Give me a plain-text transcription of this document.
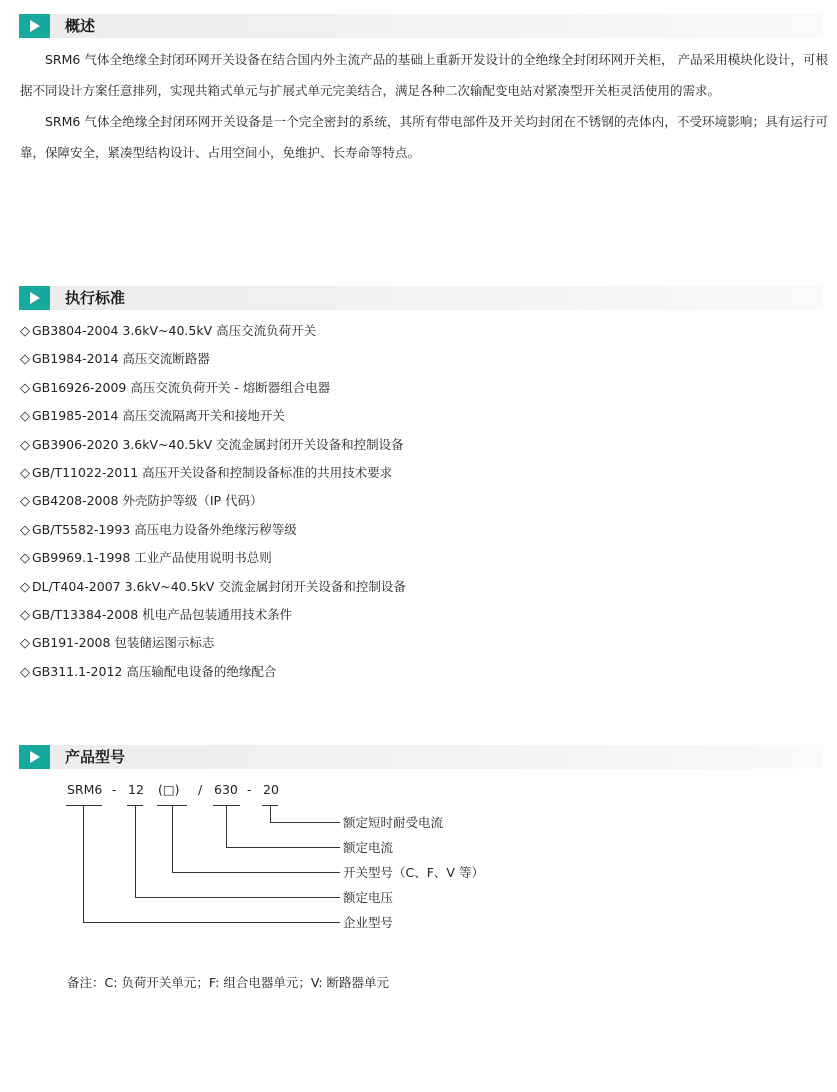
概述

SRM6 气体全绝缘全封闭环网开关设备在结合国内外主流产品的基础上重新开发设计的全绝缘全封闭环网开关柜， 产品采用模块化设计，可根据不同设计方案任意排列，实现共箱式单元与扩展式单元完美结合，满足各种二次输配变电站对紧凑型开关柜灵活使用的需求。

SRM6 气体全绝缘全封闭环网开关设备是一个完全密封的系统，其所有带电部件及开关均封闭在不锈钢的壳体内，不受环境影响；具有运行可靠，保障安全，紧凑型结构设计、占用空间小，免维护、长寿命等特点。

执行标准
◇ GB3804-2004 3.6kV~40.5kV 高压交流负荷开关
◇ GB1984-2014 高压交流断路器
◇ GB16926-2009 高压交流负荷开关 - 熔断器组合电器
◇ GB1985-2014 高压交流隔离开关和接地开关
◇ GB3906-2020 3.6kV~40.5kV 交流金属封闭开关设备和控制设备
◇ GB/T11022-2011 高压开关设备和控制设备标准的共用技术要求
◇ GB4208-2008 外壳防护等级（IP 代码）
◇ GB/T5582-1993 高压电力设备外绝缘污秽等级
◇ GB9969.1-1998 工业产品使用说明书总则
◇ DL/T404-2007 3.6kV~40.5kV 交流金属封闭开关设备和控制设备
◇ GB/T13384-2008 机电产品包装通用技术条件
◇ GB191-2008 包装储运图示标志
◇ GB311.1-2012 高压输配电设备的绝缘配合
产品型号
SRM6 - 12 (□) / 630 - 20
额定短时耐受电流
额定电流
开关型号（C、F、V 等）
额定电压
企业型号
备注：C: 负荷开关单元；F: 组合电器单元；V: 断路器单元
